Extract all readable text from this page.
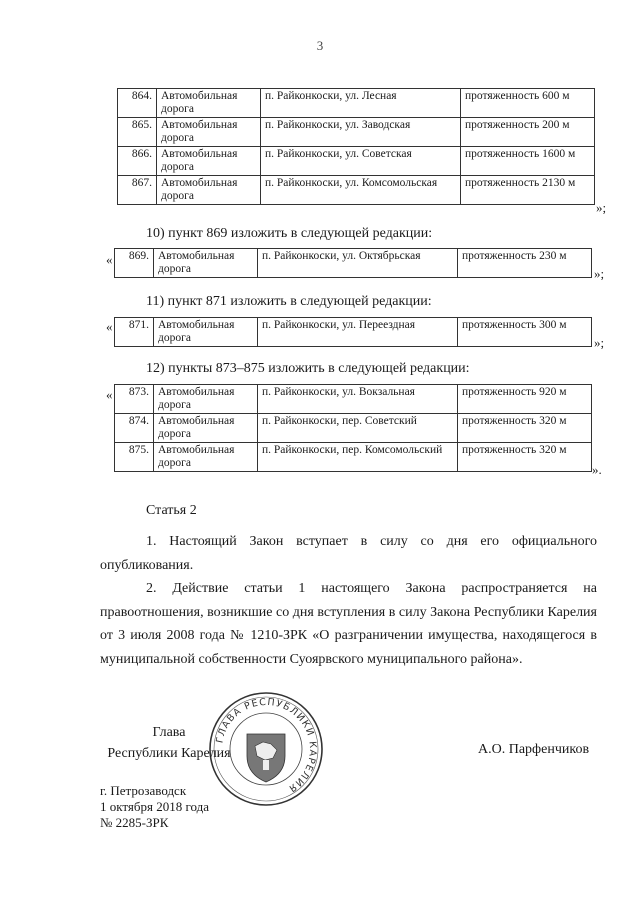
3
864.	Автомобильная дорога	п. Райконкоски, ул. Лесная	протяженность 600 м
865.	Автомобильная дорога	п. Райконкоски, ул. Заводская	протяженность 200 м
866.	Автомобильная дорога	п. Райконкоски, ул. Советская	протяженность 1600 м
867.	Автомобильная дорога	п. Райконкоски, ул. Комсомольская	протяженность 2130 м
»;
10) пункт 869 изложить в следующей редакции:
« 869.	Автомобильная дорога	п. Райконкоски, ул. Октябрьская	протяженность 230 м
»;
11) пункт 871 изложить в следующей редакции:
« 871.	Автомобильная дорога	п. Райконкоски, ул. Переездная	протяженность 300 м
»;
12) пункты 873–875 изложить в следующей редакции:
« 873.	Автомобильная дорога	п. Райконкоски, ул. Вокзальная	протяженность 920 м
874.	Автомобильная дорога	п. Райконкоски, пер. Советский	протяженность 320 м
875.	Автомобильная дорога	п. Райконкоски, пер. Комсомольский	протяженность 320 м
».
Статья 2
1. Настоящий Закон вступает в силу со дня его официального опубликования.
2. Действие статьи 1 настоящего Закона распространяется на правоотношения, возникшие со дня вступления в силу Закона Республики Карелия от 3 июля 2008 года № 1210-ЗРК «О разграничении имущества, находящегося в муниципальной собственности Суоярвского муниципального района».
ГЛАВА РЕСПУБЛИКИ КАРЕЛИЯ
Глава
Республики Карелия	А.О. Парфенчиков
г. Петрозаводск
1 октября 2018 года
№ 2285-ЗРК
